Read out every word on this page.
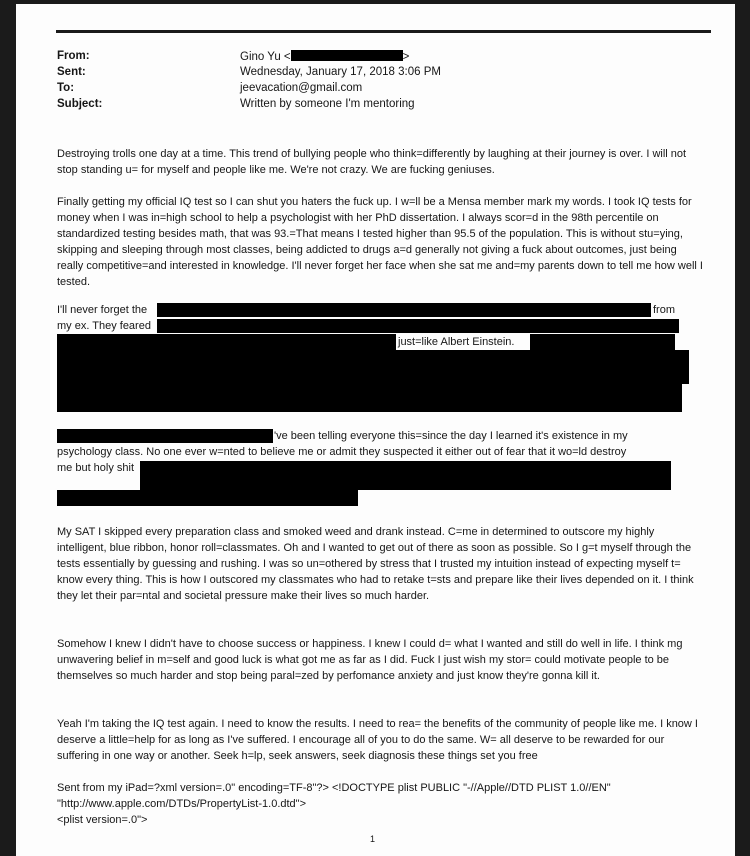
From:	Gino Yu <	>
Sent:	Wednesday, January 17, 2018 3:06 PM
To:	jeevacation@gmail.com
Subject:	Written by someone I'm mentoring
Destroying trolls one day at a time. This trend of bullying people who think=differently by laughing at their journey is over. I will not stop standing u= for myself and people like me. We're not crazy. We are fucking geniuses.
Finally getting my official IQ test so I can shut you haters the fuck up. I w=ll be a Mensa member mark my words. I took IQ tests for money when I was in=high school to help a psychologist with her PhD dissertation. I always scor=d in the 98th percentile on standardized testing besides math, that was 93.=That means I tested higher than 95.5 of the population. This is without stu=ying, skipping and sleeping through most classes, being addicted to drugs a=d generally not giving a fuck about outcomes, just being really competitive=and interested in knowledge. I'll never forget her face when she sat me and=my parents down to tell me how well I tested.
I'll never forget the	from
my ex. They feared
just=like Albert Einstein.
've been telling everyone this=since the day I learned it's existence in my
psychology class. No one ever w=nted to believe me or admit they suspected it either out of fear that it wo=ld destroy
me but holy shit
My SAT I skipped every preparation class and smoked weed and drank instead. C=me in determined to outscore my highly intelligent, blue ribbon, honor roll=classmates. Oh and I wanted to get out of there as soon as possible. So I g=t myself through the tests essentially by guessing and rushing. I was so un=othered by stress that I trusted my intuition instead of expecting myself t= know every thing. This is how I outscored my classmates who had to retake t=sts and prepare like their lives depended on it. I think they let their par=ntal and societal pressure make their lives so much harder.
Somehow I knew I didn't have to choose success or happiness. I knew I could d= what I wanted and still do well in life. I think mg unwavering belief in m=self and good luck is what got me as far as I did. Fuck I just wish my stor= could motivate people to be themselves so much harder and stop being paral=zed by perfomance anxiety and just know they're gonna kill it.
Yeah I'm taking the IQ test again. I need to know the results. I need to rea= the benefits of the community of people like me. I know I deserve a little=help for as long as I've suffered. I encourage all of you to do the same. W= all deserve to be rewarded for our suffering in one way or another. Seek h=lp, seek answers, seek diagnosis these things set you free
Sent from my iPad=?xml version=.0" encoding=TF-8"?> <!DOCTYPE plist PUBLIC "-//Apple//DTD PLIST 1.0//EN"
"http://www.apple.com/DTDs/PropertyList-1.0.dtd">
<plist version=.0">
1
